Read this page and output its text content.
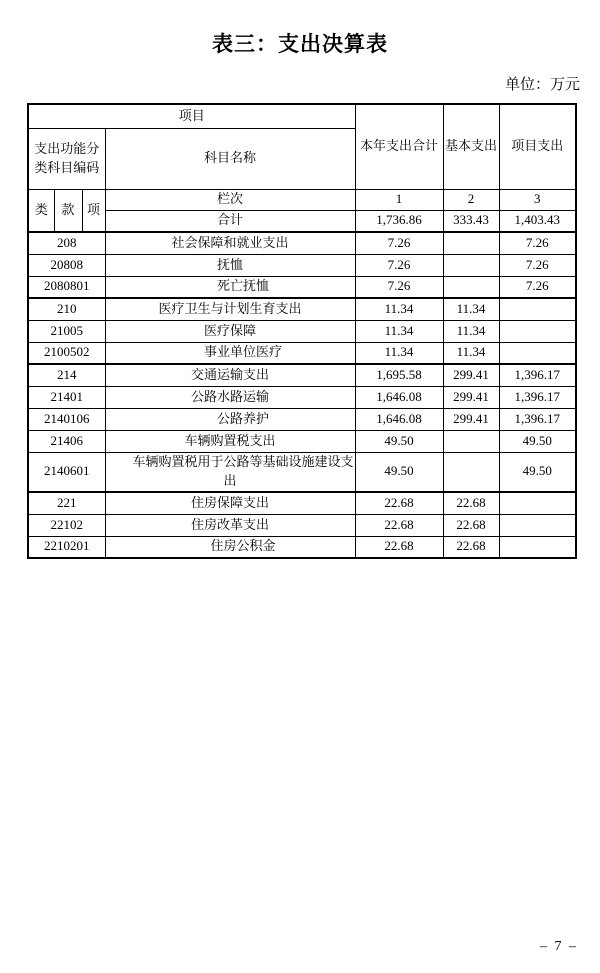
表三：支出决算表
单位：万元
项目				本年支出合计	基本支出	项目支出
支出功能分类科目编码			科目名称			
类	款	项	栏次	1	2	3
			合计	1,736.86	333.43	1,403.43
208			社会保障和就业支出	7.26		7.26
20808			抚恤	7.26		7.26
2080801			死亡抚恤	7.26		7.26
210			医疗卫生与计划生育支出	11.34	11.34	
21005			医疗保障	11.34	11.34	
2100502			事业单位医疗	11.34	11.34	
214			交通运输支出	1,695.58	299.41	1,396.17
21401			公路水路运输	1,646.08	299.41	1,396.17
2140106			公路养护	1,646.08	299.41	1,396.17
21406			车辆购置税支出	49.50		49.50
2140601			车辆购置税用于公路等基础设施建设支出	49.50		49.50
221			住房保障支出	22.68	22.68	
22102			住房改革支出	22.68	22.68	
2210201			住房公积金	22.68	22.68	
– 7 –
